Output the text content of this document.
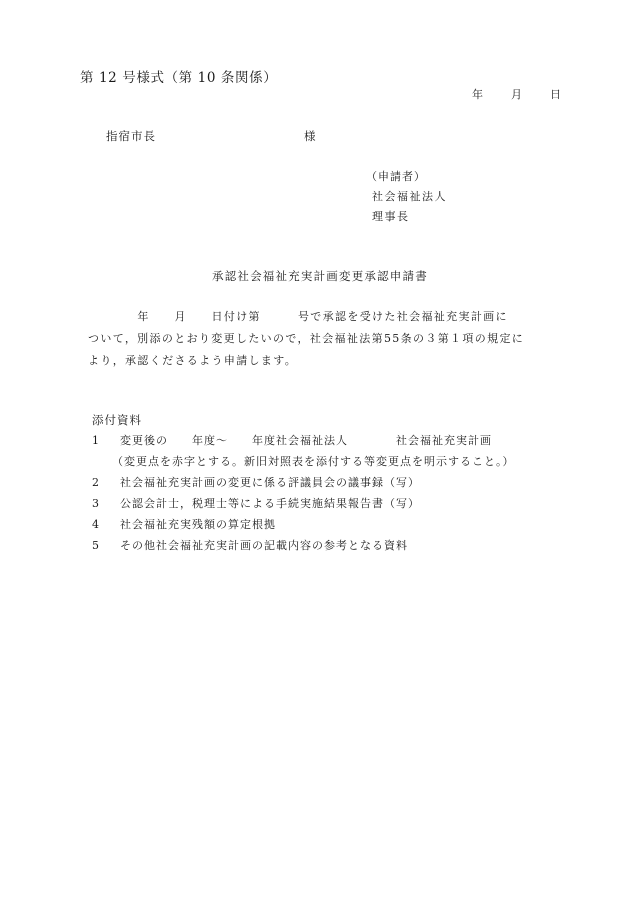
第 12 号様式（第 10 条関係）
年	月	日
指宿市長	様
（申請者）
社会福祉法人
理事長
承認社会福祉充実計画変更承認申請書
　　　　年　　月　　日付け第　　　号で承認を受けた社会福祉充実計画に
ついて，別添のとおり変更したいので，社会福祉法第55条の３第１項の規定に
より，承認くださるよう申請します。
添付資料
1 変更後の　　年度～　　年度社会福祉法人　　　　社会福祉充実計画
（変更点を赤字とする。新旧対照表を添付する等変更点を明示すること。）
2 社会福祉充実計画の変更に係る評議員会の議事録（写）
3 公認会計士，税理士等による手続実施結果報告書（写）
4 社会福祉充実残額の算定根拠
5 その他社会福祉充実計画の記載内容の参考となる資料
